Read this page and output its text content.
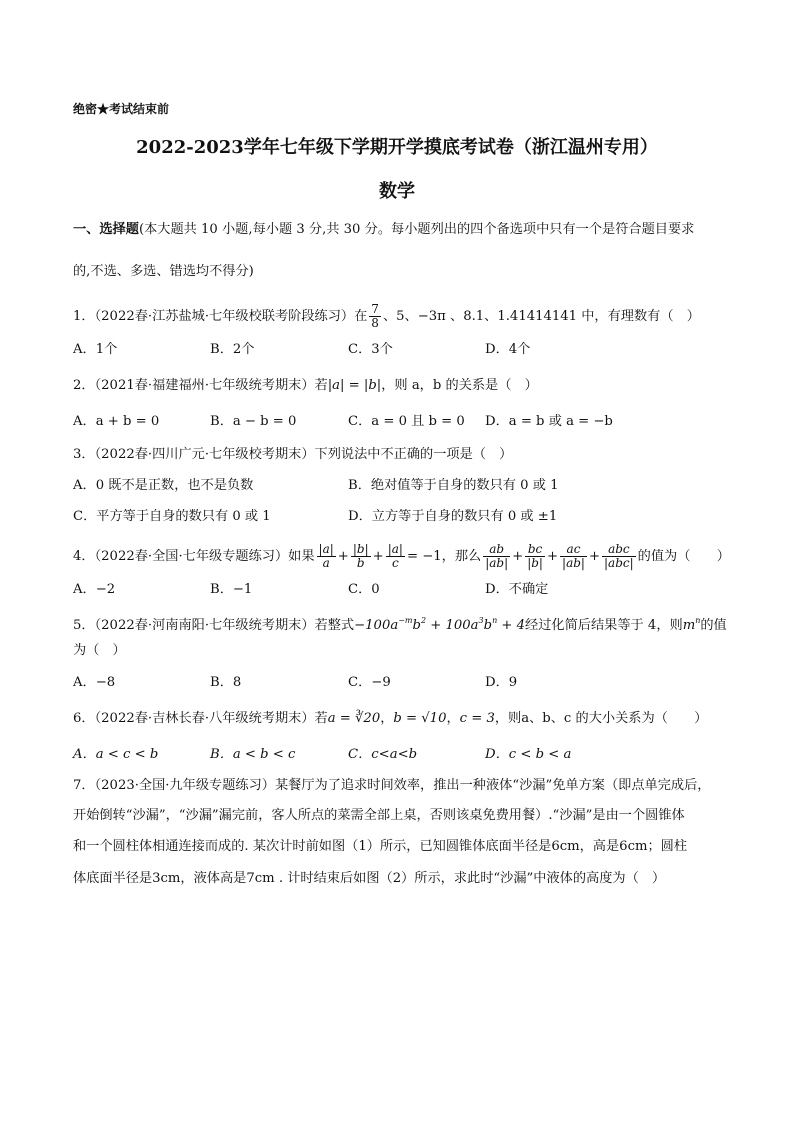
绝密★考试结束前
2022-2023学年七年级下学期开学摸底考试卷（浙江温州专用）
数学
一、选择题(本大题共 10 小题,每小题 3 分,共 30 分。每小题列出的四个备选项中只有一个是符合题目要求
的,不选、多选、错选均不得分)
1．（2022春·江苏盐城·七年级校联考阶段练习）在 $\frac{7}{8}$ 、5、−3π 、8.1、1.41414141 中，有理数有（　）
A．1个	B．2个	C．3个	D．4个
2．（2021春·福建福州·七年级统考期末）若|a| = |b|，则 a，b 的关系是（　）
A．a + b = 0	B．a − b = 0	C．a = 0 且 b = 0 D．a = b 或 a = −b
3．（2022春·四川广元·七年级校考期末）下列说法中不正确的一项是（　）
A．0 既不是正数，也不是负数	B．绝对值等于自身的数只有 0 或 1
C．平方等于自身的数只有 0 或 1	D．立方等于自身的数只有 0 或 ±1
4．（2022春·全国·七年级专题练习）如果 $\frac{|a|}{a} + \frac{|b|}{b} + \frac{|a|}{c} = -1$，那么 $\frac{ab}{|ab|} + \frac{bc}{|b|} + \frac{ac}{|ab|} + \frac{\text{abc}}{\text{|abc|}}$ 的值为（　　）
A．−2	B．−1	C．0	D．不确定
5．（2022春·河南南阳·七年级统考期末）若整式$-100a^{-m}b^2 + 100a^3b^n + 4$经过化简后结果等于 4，则$m^n$的值
为（　）
A．−8	B．8	C．−9	D．9
6．（2022春·吉林长春·八年级统考期末）若a = ∛20，b = √10，c = 3，则a、b、c 的大小关系为（　　）
A．a < c < b	B．a < b < c	C．c<a<b	D．c < b < a
7．（2023·全国·九年级专题练习）某餐厅为了追求时间效率，推出一种液体“沙漏”免单方案（即点单完成后，
开始倒转“沙漏”，“沙漏”漏完前，客人所点的菜需全部上桌，否则该桌免费用餐）.“沙漏”是由一个圆锥体
和一个圆柱体相通连接而成的. 某次计时前如图（1）所示，已知圆锥体底面半径是6cm，高是6cm；圆柱
体底面半径是3cm，液体高是7cm . 计时结束后如图（2）所示，求此时“沙漏”中液体的高度为（　）
